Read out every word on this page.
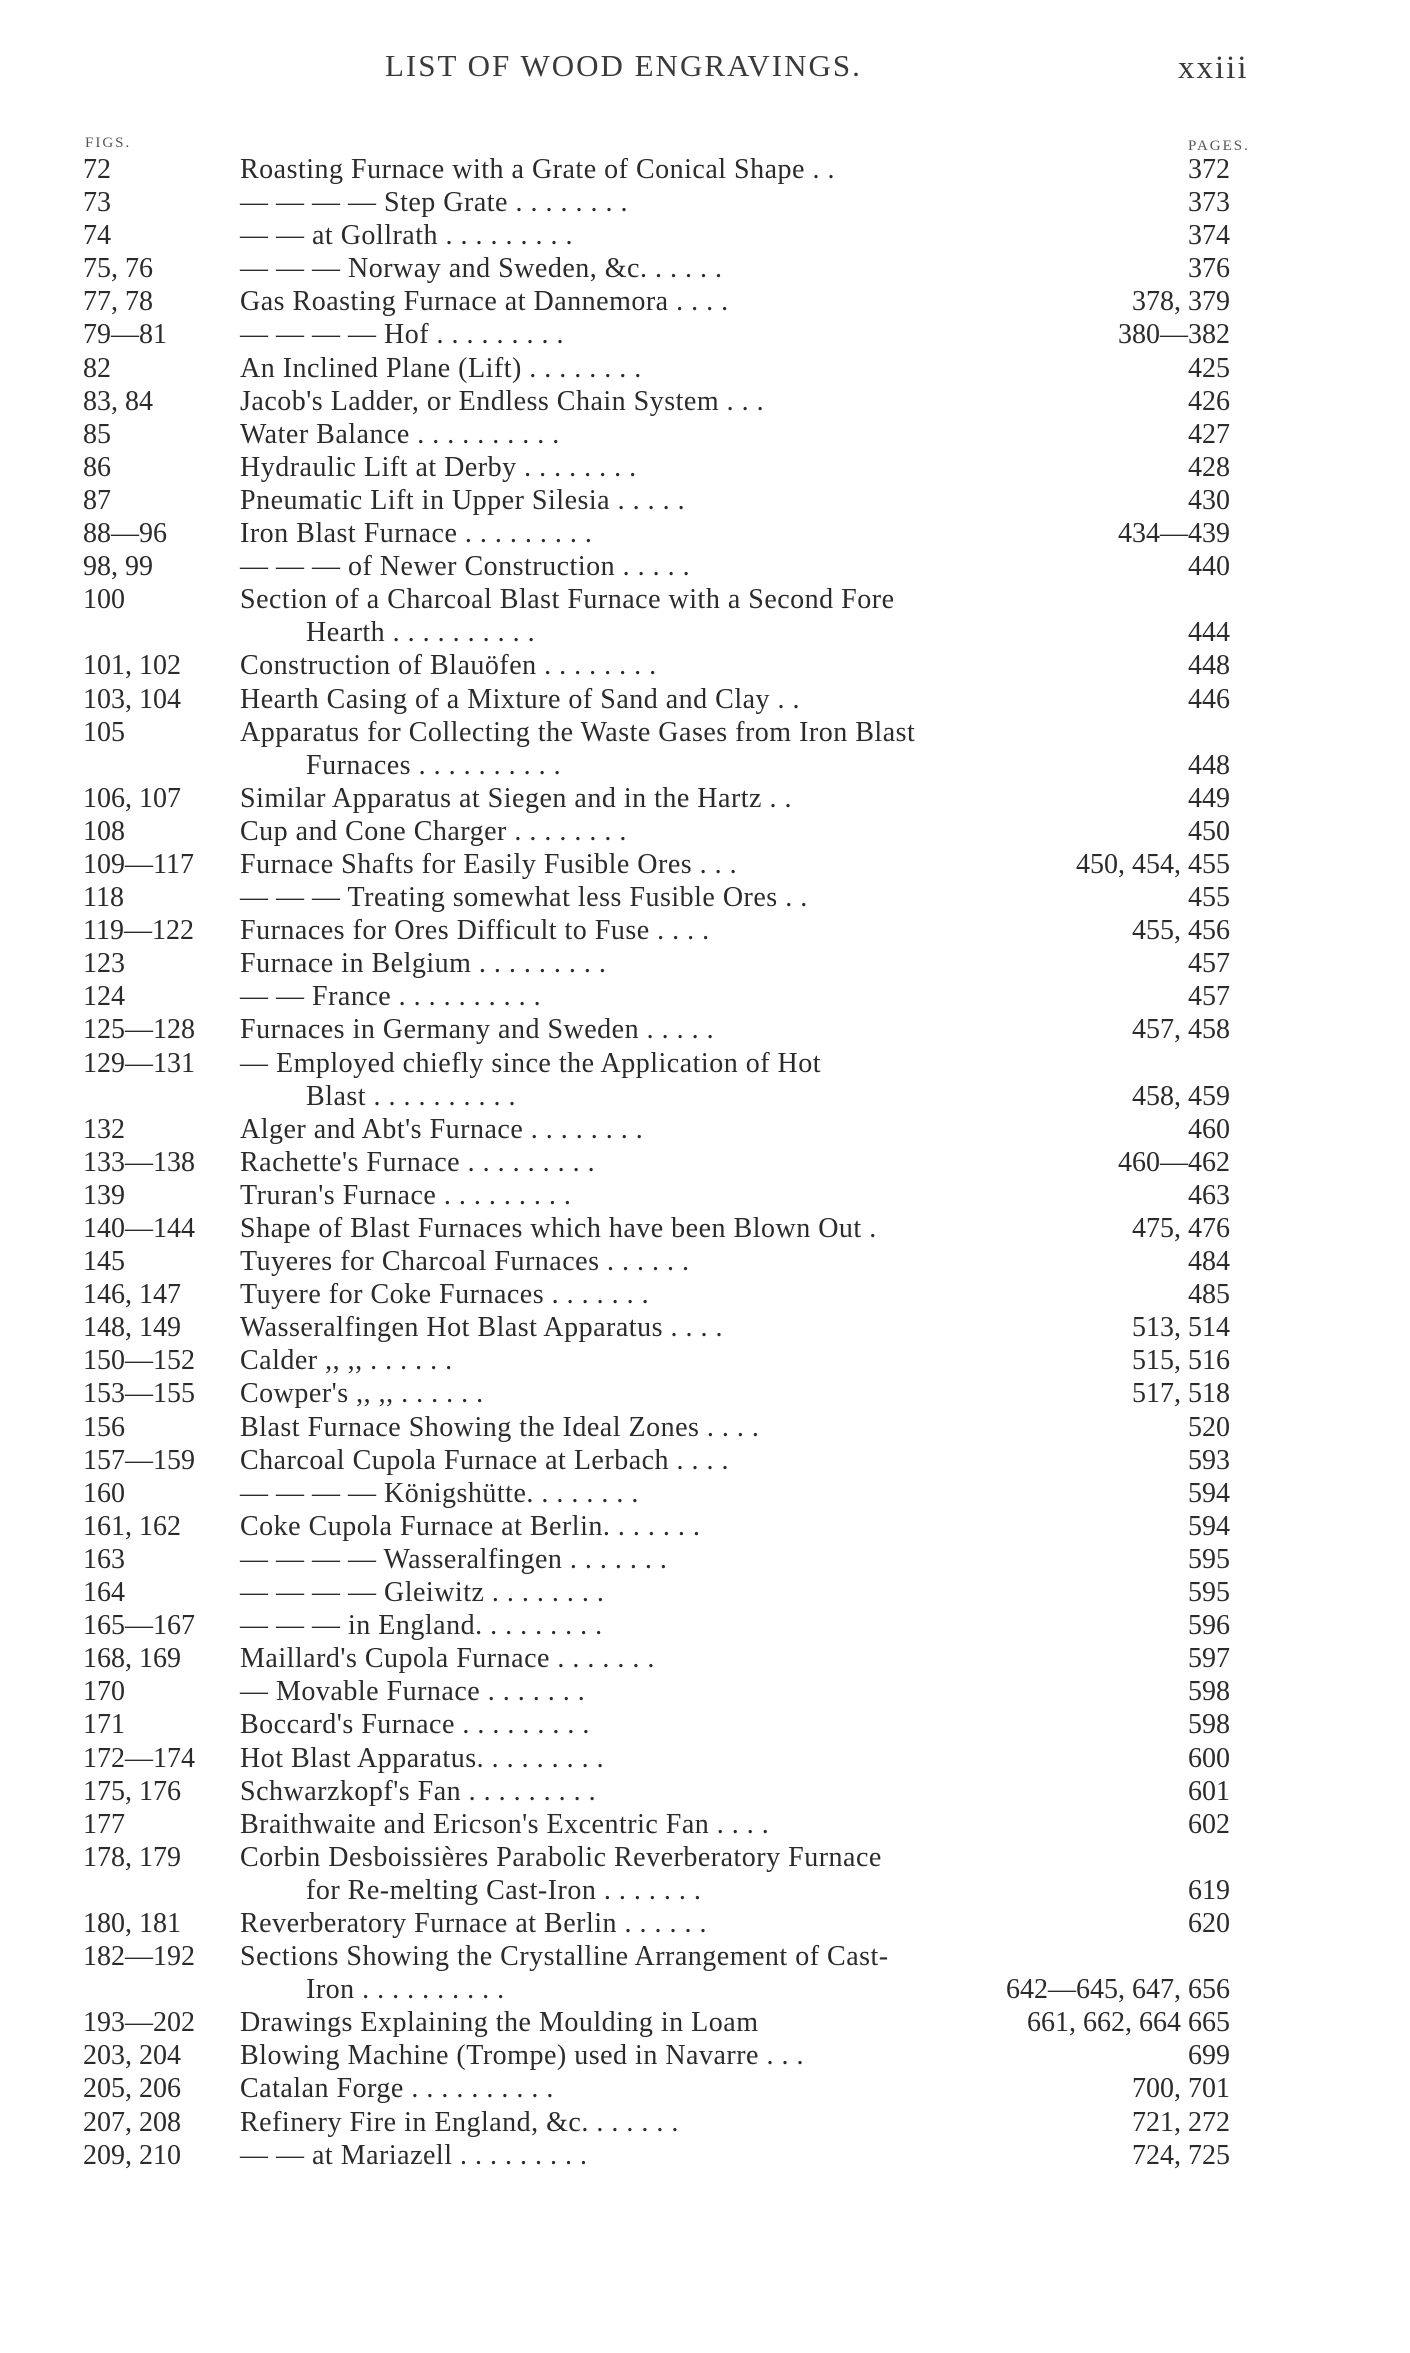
LIST OF WOOD ENGRAVINGS.	xxiii
FIGS.	PAGES.
72	Roasting Furnace with a Grate of Conical Shape . .	372
73	— — — — Step Grate . . . . . . . .	373
74	— — at Gollrath . . . . . . . . .	374
75, 76	— — — Norway and Sweden, &c. . . . . .	376
77, 78	Gas Roasting Furnace at Dannemora . . . .	378, 379
79—81	— — — — Hof . . . . . . . . .	380—382
82	An Inclined Plane (Lift) . . . . . . . .	425
83, 84	Jacob's Ladder, or Endless Chain System . . .	426
85	Water Balance . . . . . . . . . .	427
86	Hydraulic Lift at Derby . . . . . . . .	428
87	Pneumatic Lift in Upper Silesia . . . . .	430
88—96	Iron Blast Furnace . . . . . . . . .	434—439
98, 99	— — — of Newer Construction . . . . .	440
100	Section of a Charcoal Blast Furnace with a Second Fore
Hearth . . . . . . . . . .	444
101, 102 Construction of Blauöfen . . . . . . . .	448
103, 104 Hearth Casing of a Mixture of Sand and Clay . .	446
105	Apparatus for Collecting the Waste Gases from Iron Blast
Furnaces . . . . . . . . . .	448
106, 107 Similar Apparatus at Siegen and in the Hartz . .	449
108	Cup and Cone Charger . . . . . . . .	450
109—117 Furnace Shafts for Easily Fusible Ores . . .	450, 454, 455
118	— — — Treating somewhat less Fusible Ores . .	455
119—122 Furnaces for Ores Difficult to Fuse . . . .	455, 456
123	Furnace in Belgium . . . . . . . . .	457
124	— — France . . . . . . . . . .	457
125—128 Furnaces in Germany and Sweden . . . . .	457, 458
129—131 — Employed chiefly since the Application of Hot
Blast . . . . . . . . . .	458, 459
132	Alger and Abt's Furnace . . . . . . . .	460
133—138 Rachette's Furnace . . . . . . . . .	460—462
139	Truran's Furnace . . . . . . . . .	463
140—144 Shape of Blast Furnaces which have been Blown Out .	475, 476
145	Tuyeres for Charcoal Furnaces . . . . . .	484
146, 147 Tuyere for Coke Furnaces . . . . . . .	485
148, 149 Wasseralfingen Hot Blast Apparatus . . . .	513, 514
150—152 Calder ,, ,, . . . . . .	515, 516
153—155 Cowper's ,, ,, . . . . . .	517, 518
156	Blast Furnace Showing the Ideal Zones . . . .	520
157—159 Charcoal Cupola Furnace at Lerbach . . . .	593
160	— — — — Königshütte. . . . . . . .	594
161, 162 Coke Cupola Furnace at Berlin. . . . . . .	594
163	— — — — Wasseralfingen . . . . . . .	595
164	— — — — Gleiwitz . . . . . . . .	595
165—167 — — — in England. . . . . . . . .	596
168, 169 Maillard's Cupola Furnace . . . . . . .	597
170	— Movable Furnace . . . . . . .	598
171	Boccard's Furnace . . . . . . . . .	598
172—174 Hot Blast Apparatus. . . . . . . . .	600
175, 176 Schwarzkopf's Fan . . . . . . . . .	601
177	Braithwaite and Ericson's Excentric Fan . . . .	602
178, 179 Corbin Desboissières Parabolic Reverberatory Furnace
for Re-melting Cast-Iron . . . . . . .	619
180, 181 Reverberatory Furnace at Berlin . . . . . .	620
182—192 Sections Showing the Crystalline Arrangement of Cast-
Iron . . . . . . . . . .	642—645, 647, 656
193—202 Drawings Explaining the Moulding in Loam	661, 662, 664 665
203, 204 Blowing Machine (Trompe) used in Navarre . . .	699
205, 206 Catalan Forge . . . . . . . . . .	700, 701
207, 208 Refinery Fire in England, &c. . . . . . .	721, 272
209, 210 — — at Mariazell . . . . . . . . .	724, 725
